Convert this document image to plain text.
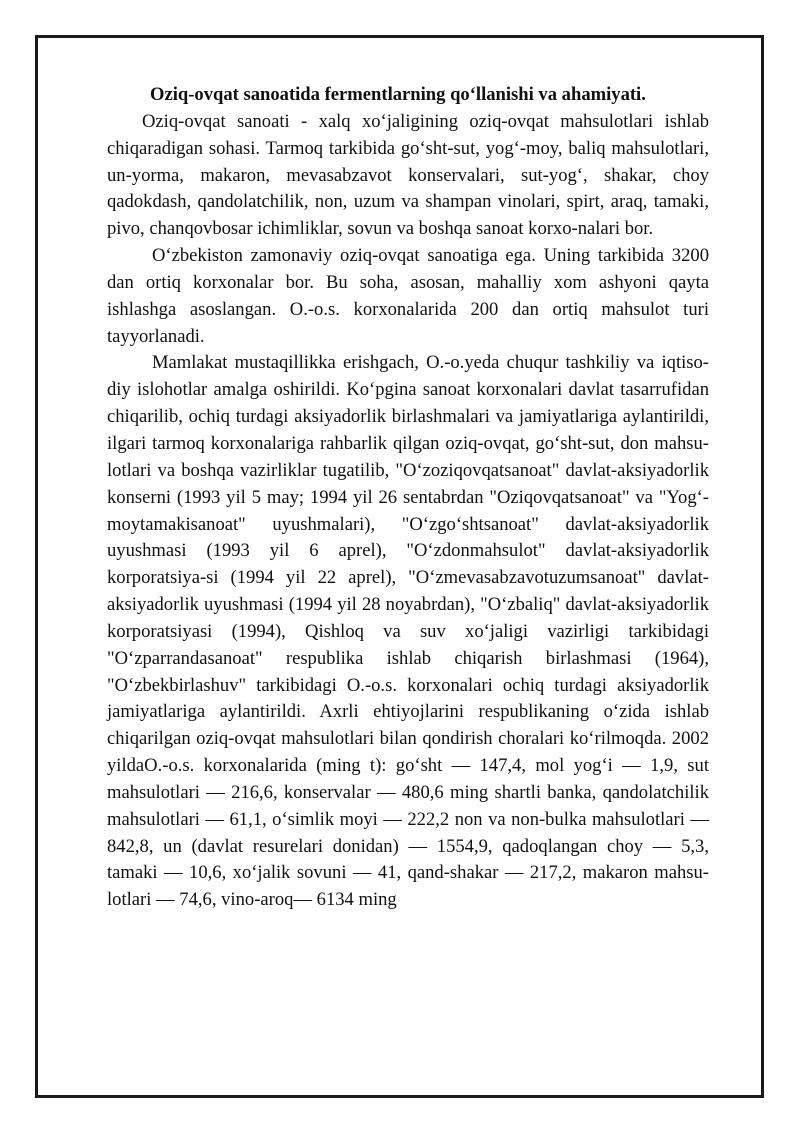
Oziq-ovqat sanoatida fermentlarning qo‘llanishi va ahamiyati.

Oziq-ovqat sanoati - xalq xo‘jaligining oziq-ovqat mahsulotlari ishlab chiqaradigan sohasi. Tarmoq tarkibida go‘sht-sut, yog‘-moy, baliq mahsulotlari, un-yorma, makaron, mevasabzavot konservalari, sut-yog‘, shakar, choy qadokdash, qandolatchilik, non, uzum va shampan vinolari, spirt, araq, tamaki, pivo, chanqovbosar ichimliklar, sovun va boshqa sanoat korxo-nalari bor.

O‘zbekiston zamonaviy oziq-ovqat sanoatiga ega. Uning tarkibida 3200 dan ortiq korxonalar bor. Bu soha, asosan, mahalliy xom ashyoni qayta ishlashga asoslangan. O.-o.s. korxonalarida 200 dan ortiq mahsulot turi tayyorlanadi.

Mamlakat mustaqillikka erishgach, O.-o.yeda chuqur tashkiliy va iqtiso-diy islohotlar amalga oshirildi. Ko‘pgina sanoat korxonalari davlat tasarrufidan chiqarilib, ochiq turdagi aksiyadorlik birlashmalari va jamiyatlariga aylantirildi, ilgari tarmoq korxonalariga rahbarlik qilgan oziq-ovqat, go‘sht-sut, don mahsu-lotlari va boshqa vazirliklar tugatilib, "O‘zoziqovqatsanoat" davlat-aksiyadorlik konserni (1993 yil 5 may; 1994 yil 26 sentabrdan "Oziqovqatsanoat" va "Yog‘-moytamakisanoat" uyushmalari), "O‘zgo‘shtsanoat" davlat-aksiyadorlik uyushmasi (1993 yil 6 aprel), "O‘zdonmahsulot" davlat-aksiyadorlik korporatsiya-si (1994 yil 22 aprel), "O‘zmevasabzavotuzumsanoat" davlat-aksiyadorlik uyushmasi (1994 yil 28 noyabrdan), "O‘zbaliq" davlat-aksiyadorlik korporatsiyasi (1994), Qishloq va suv xo‘jaligi vazirligi tarkibidagi "O‘zparrandasanoat" respublika ishlab chiqarish birlashmasi (1964), "O‘zbekbirlashuv" tarkibidagi O.-o.s. korxonalari ochiq turdagi aksiyadorlik jamiyatlariga aylantirildi. Axrli ehtiyojlarini respublikaning o‘zida ishlab chiqarilgan oziq-ovqat mahsulotlari bilan qondirish choralari ko‘rilmoqda. 2002 yildaO.-o.s. korxonalarida (ming t): go‘sht — 147,4, mol yog‘i — 1,9, sut mahsulotlari — 216,6, konservalar — 480,6 ming shartli banka, qandolatchilik mahsulotlari — 61,1, o‘simlik moyi — 222,2 non va non-bulka mahsulotlari — 842,8, un (davlat resurelari donidan) — 1554,9, qadoqlangan choy — 5,3, tamaki — 10,6, xo‘jalik sovuni — 41, qand-shakar — 217,2, makaron mahsu-lotlari — 74,6, vino-aroq— 6134 ming
